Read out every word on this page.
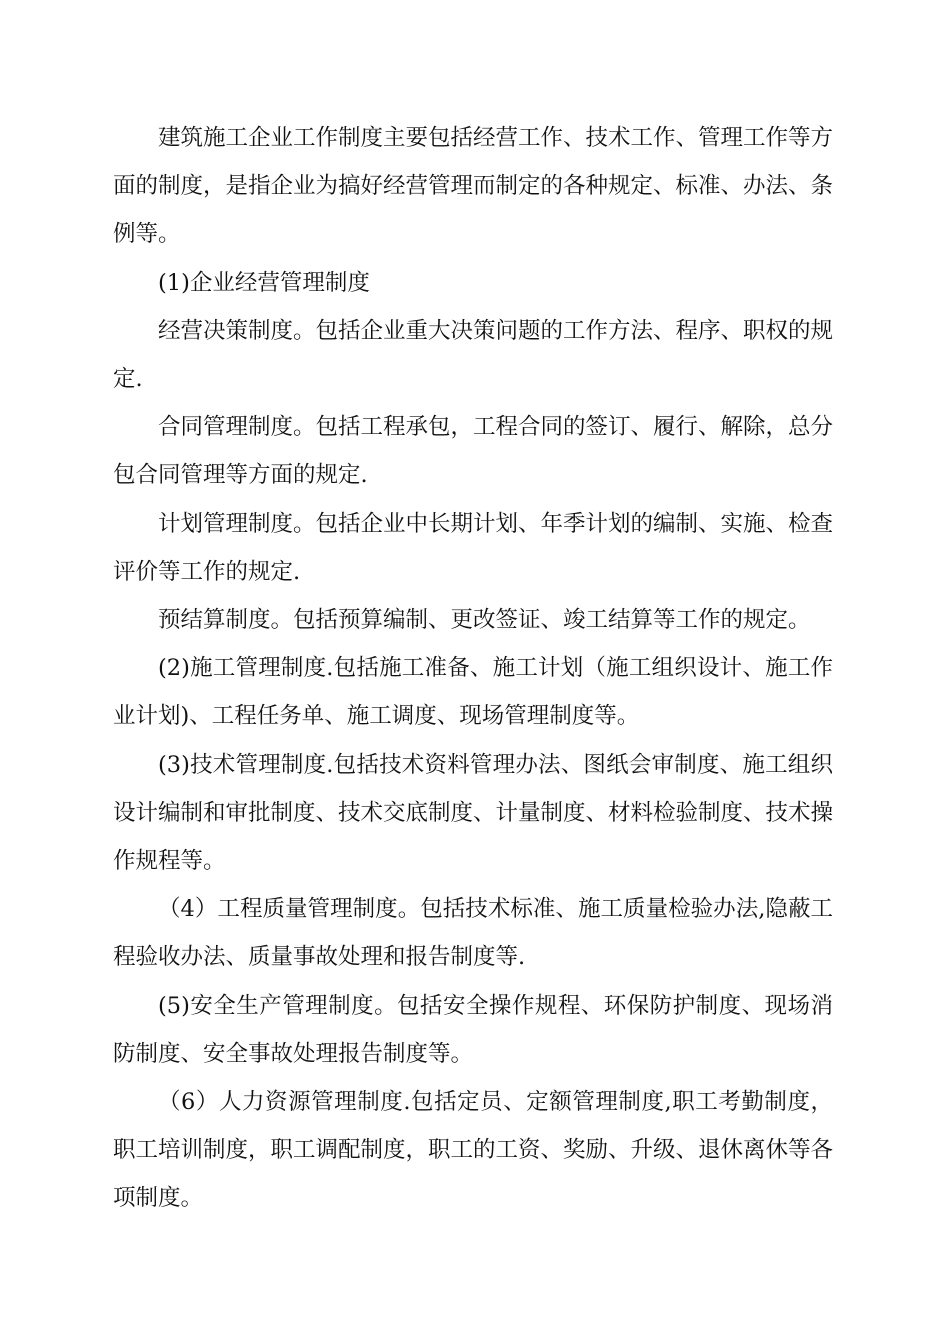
建筑施工企业工作制度主要包括经营工作、技术工作、管理工作等方面的制度，是指企业为搞好经营管理而制定的各种规定、标准、办法、条例等。

(1)企业经营管理制度

经营决策制度。包括企业重大决策问题的工作方法、程序、职权的规定.

合同管理制度。包括工程承包，工程合同的签订、履行、解除，总分包合同管理等方面的规定.

计划管理制度。包括企业中长期计划、年季计划的编制、实施、检查评价等工作的规定.

预结算制度。包括预算编制、更改签证、竣工结算等工作的规定。

(2)施工管理制度.包括施工准备、施工计划（施工组织设计、施工作业计划)、工程任务单、施工调度、现场管理制度等。

(3)技术管理制度.包括技术资料管理办法、图纸会审制度、施工组织设计编制和审批制度、技术交底制度、计量制度、材料检验制度、技术操作规程等。

（4）工程质量管理制度。包括技术标准、施工质量检验办法,隐蔽工程验收办法、质量事故处理和报告制度等.

(5)安全生产管理制度。包括安全操作规程、环保防护制度、现场消防制度、安全事故处理报告制度等。

（6）人力资源管理制度.包括定员、定额管理制度,职工考勤制度，职工培训制度，职工调配制度，职工的工资、奖励、升级、退休离休等各项制度。
